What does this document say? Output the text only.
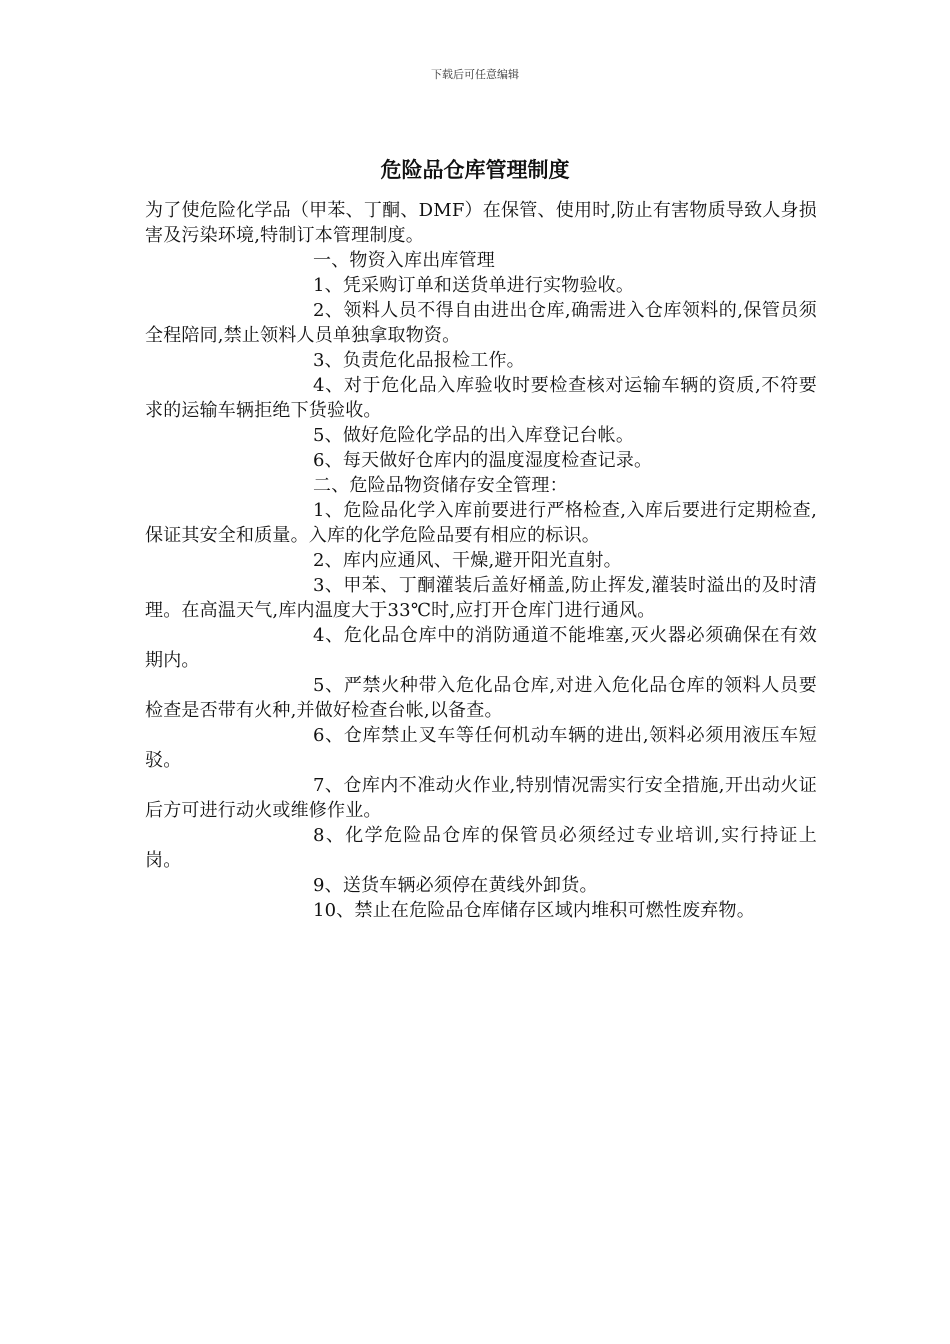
下载后可任意编辑
危险品仓库管理制度

为了使危险化学品（甲苯、丁酮、DMF）在保管、使用时,防止有害物质导致人身损害及污染环境,特制订本管理制度。

一、物资入库出库管理

1、凭采购订单和送货单进行实物验收。

2、领料人员不得自由进出仓库,确需进入仓库领料的,保管员须全程陪同,禁止领料人员单独拿取物资。

3、负责危化品报检工作。

4、对于危化品入库验收时要检查核对运输车辆的资质,不符要求的运输车辆拒绝下货验收。

5、做好危险化学品的出入库登记台帐。

6、每天做好仓库内的温度湿度检查记录。

二、危险品物资储存安全管理：

1、危险品化学入库前要进行严格检查,入库后要进行定期检查,保证其安全和质量。入库的化学危险品要有相应的标识。

2、库内应通风、干燥,避开阳光直射。

3、甲苯、丁酮灌装后盖好桶盖,防止挥发,灌装时溢出的及时清理。在高温天气,库内温度大于33℃时,应打开仓库门进行通风。

4、危化品仓库中的消防通道不能堆塞,灭火器必须确保在有效期内。

5、严禁火种带入危化品仓库,对进入危化品仓库的领料人员要检查是否带有火种,并做好检查台帐,以备查。

6、仓库禁止叉车等任何机动车辆的进出,领料必须用液压车短驳。

7、仓库内不准动火作业,特别情况需实行安全措施,开出动火证后方可进行动火或维修作业。

8、化学危险品仓库的保管员必须经过专业培训,实行持证上岗。

9、送货车辆必须停在黄线外卸货。

10、禁止在危险品仓库储存区域内堆积可燃性废弃物。
